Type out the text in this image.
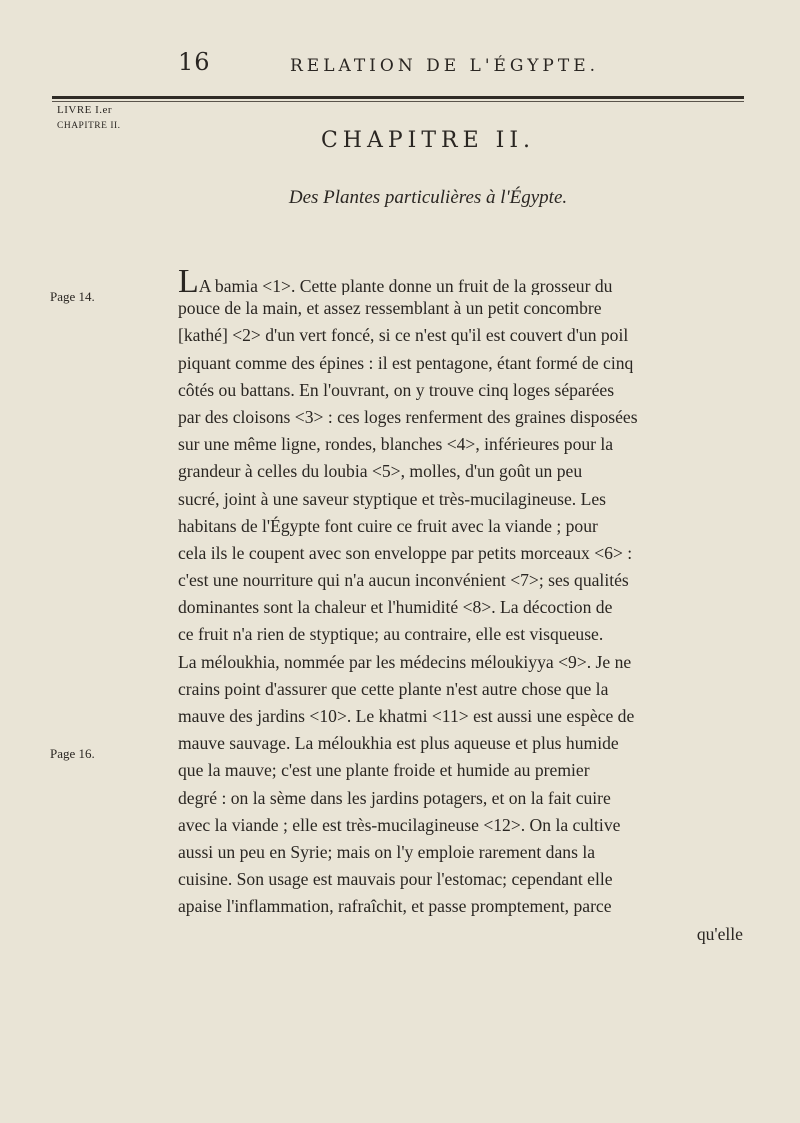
16	RELATION DE L'ÉGYPTE.
LIVRE I.er
CHAPITRE II.
Page 14.
Page 16.
CHAPITRE II.
Des Plantes particulières à l'Égypte.
LA bamia <1>. Cette plante donne un fruit de la grosseur du
pouce de la main, et assez ressemblant à un petit concombre
[kathé] <2> d'un vert foncé, si ce n'est qu'il est couvert d'un poil
piquant comme des épines : il est pentagone, étant formé de cinq
côtés ou battans. En l'ouvrant, on y trouve cinq loges séparées
par des cloisons <3> : ces loges renferment des graines disposées
sur une même ligne, rondes, blanches <4>, inférieures pour la
grandeur à celles du loubia <5>, molles, d'un goût un peu
sucré, joint à une saveur styptique et très-mucilagineuse. Les
habitans de l'Égypte font cuire ce fruit avec la viande ; pour
cela ils le coupent avec son enveloppe par petits morceaux <6> :
c'est une nourriture qui n'a aucun inconvénient <7>; ses qualités
dominantes sont la chaleur et l'humidité <8>. La décoction de
ce fruit n'a rien de styptique; au contraire, elle est visqueuse.
La méloukhia, nommée par les médecins méloukiyya <9>. Je ne
crains point d'assurer que cette plante n'est autre chose que la
mauve des jardins <10>. Le khatmi <11> est aussi une espèce de
mauve sauvage. La méloukhia est plus aqueuse et plus humide
que la mauve; c'est une plante froide et humide au premier
degré : on la sème dans les jardins potagers, et on la fait cuire
avec la viande ; elle est très-mucilagineuse <12>. On la cultive
aussi un peu en Syrie; mais on l'y emploie rarement dans la
cuisine. Son usage est mauvais pour l'estomac; cependant elle
apaise l'inflammation, rafraîchit, et passe promptement, parce
qu'elle
